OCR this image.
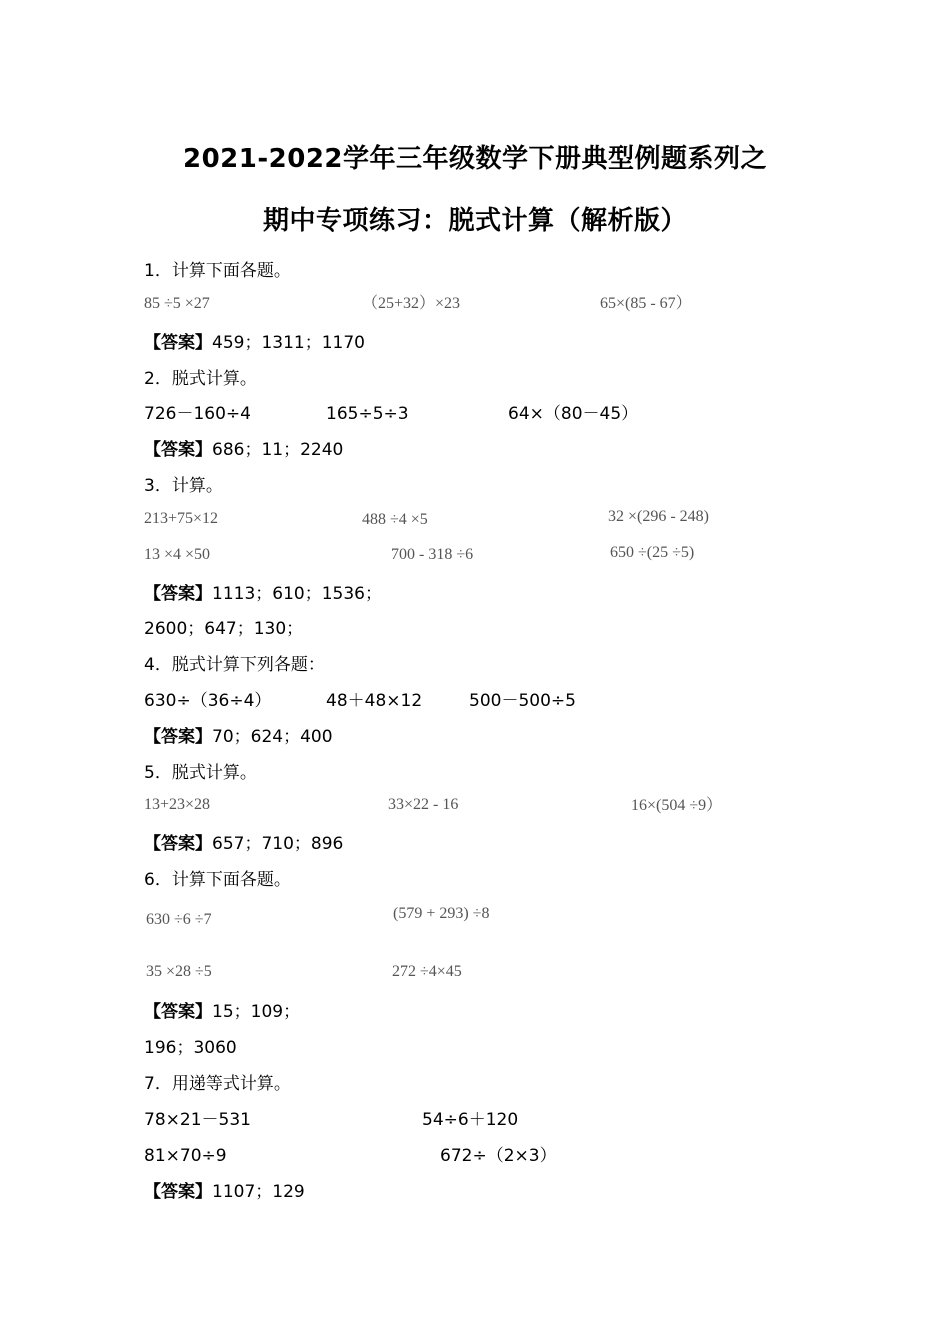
2021-2022学年三年级数学下册典型例题系列之
期中专项练习：脱式计算（解析版）
1．计算下面各题。
85 ÷5 ×27	（25+32）×23	65×(85 - 67）
【答案】459；1311；1170
2．脱式计算。
726－160÷4	165÷5÷3	64×（80－45）
【答案】686；11；2240
3．计算。
213+75×12	488 ÷4 ×5	32 ×(296 - 248)
13 ×4 ×50	700 - 318 ÷6	650 ÷(25 ÷5)
【答案】1113；610；1536；
2600；647；130；
4．脱式计算下列各题：
630÷（36÷4）	48＋48×12	500－500÷5
【答案】70；624；400
5．脱式计算。
13+23×28	33×22 - 16	16×(504 ÷9）
【答案】657；710；896
6．计算下面各题。
630 ÷6 ÷7	(579 + 293) ÷8
35 ×28 ÷5	272 ÷4×45
【答案】15；109；
196；3060
7．用递等式计算。
78×21－531	54÷6＋120
81×70÷9	672÷（2×3）
【答案】1107；129
